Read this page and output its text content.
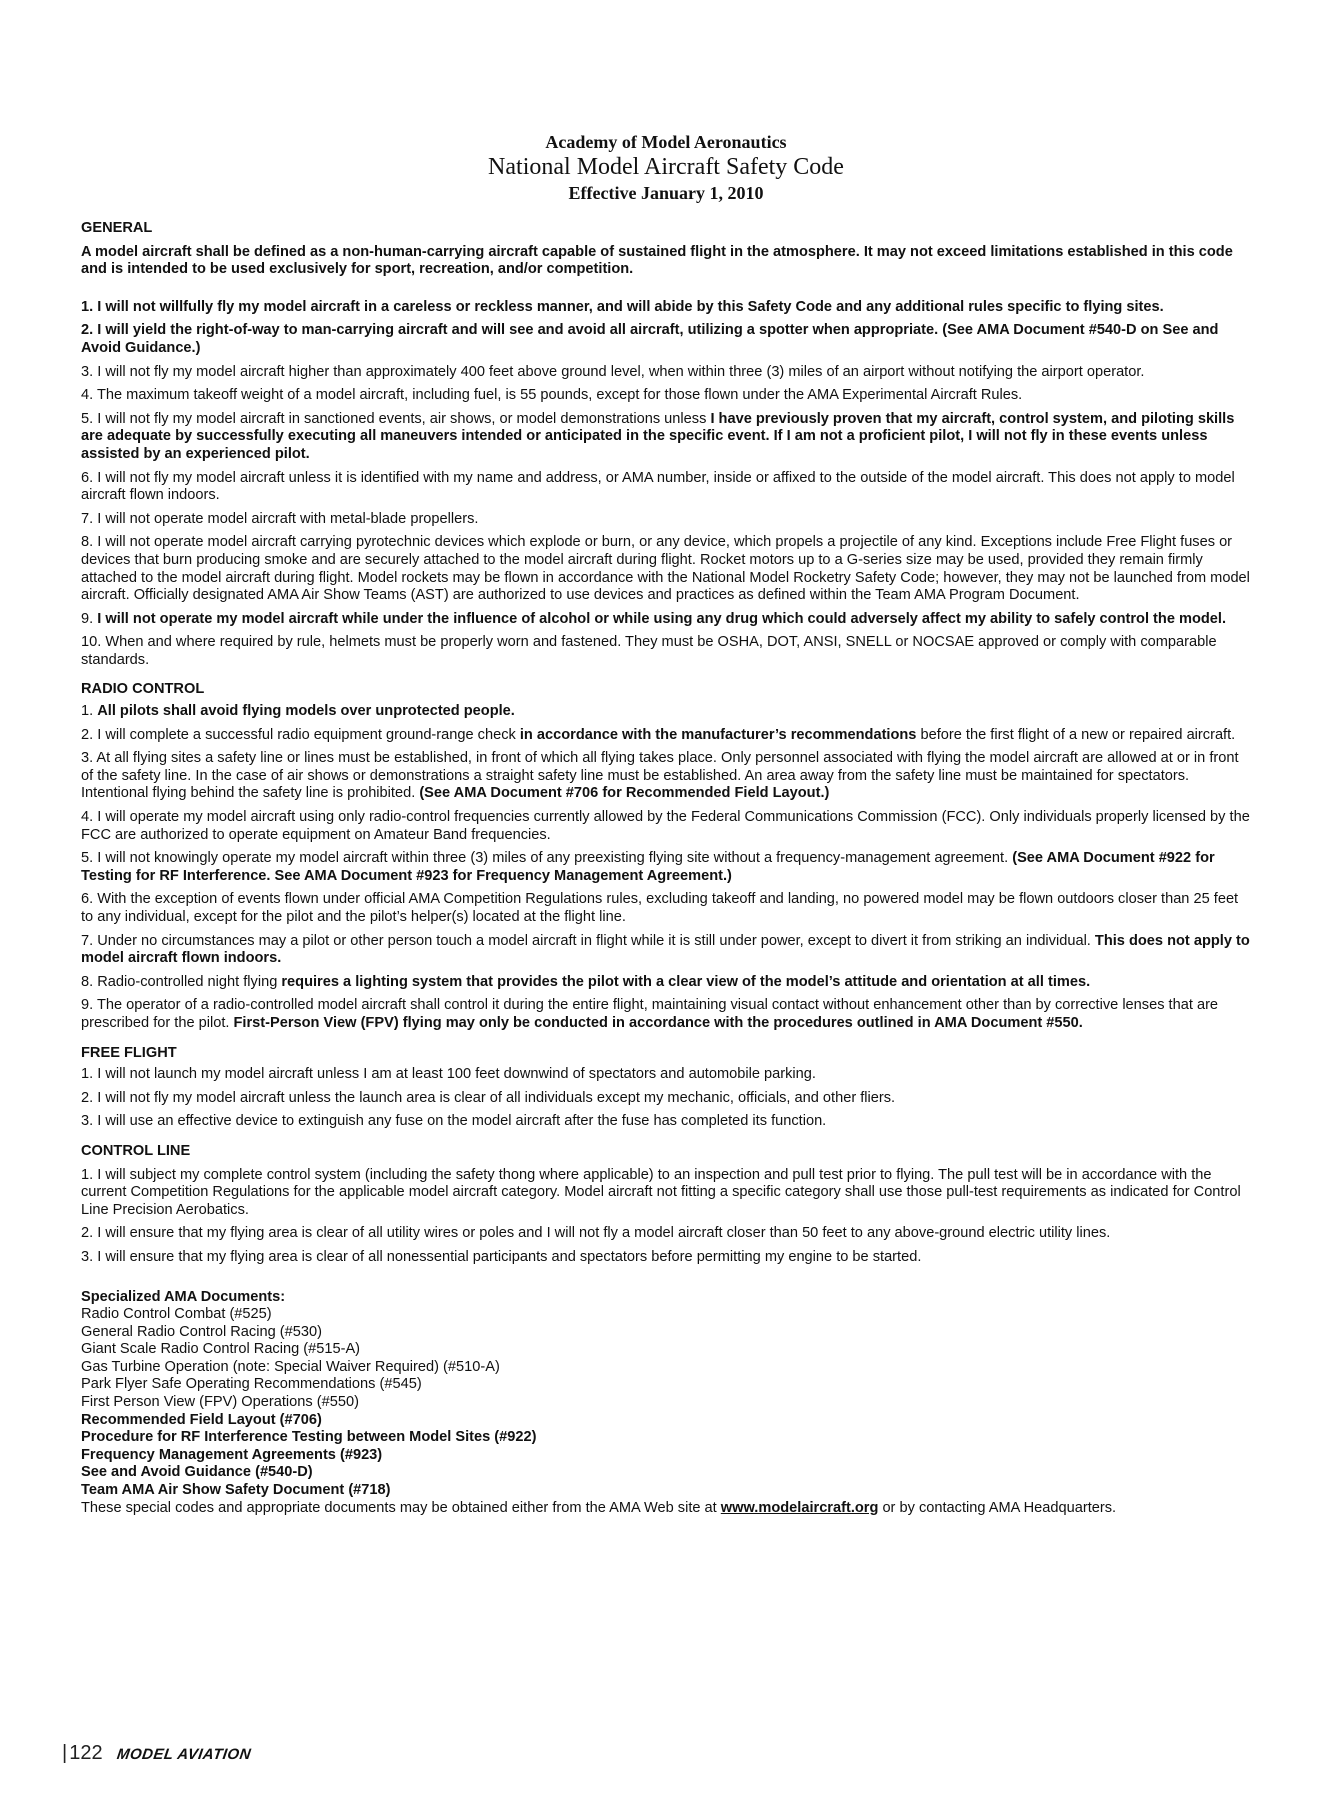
Academy of Model Aeronautics
National Model Aircraft Safety Code
Effective January 1, 2010

GENERAL

A model aircraft shall be defined as a non-human-carrying aircraft capable of sustained flight in the atmosphere. It may not exceed limitations established in this code and is intended to be used exclusively for sport, recreation, and/or competition.

1. I will not willfully fly my model aircraft in a careless or reckless manner, and will abide by this Safety Code and any additional rules specific to flying sites.

2. I will yield the right-of-way to man-carrying aircraft and will see and avoid all aircraft, utilizing a spotter when appropriate. (See AMA Document #540-D on See and Avoid Guidance.)

3. I will not fly my model aircraft higher than approximately 400 feet above ground level, when within three (3) miles of an airport without notifying the airport operator.

4. The maximum takeoff weight of a model aircraft, including fuel, is 55 pounds, except for those flown under the AMA Experimental Aircraft Rules.

5. I will not fly my model aircraft in sanctioned events, air shows, or model demonstrations unless I have previously proven that my aircraft, control system, and piloting skills are adequate by successfully executing all maneuvers intended or anticipated in the specific event. If I am not a proficient pilot, I will not fly in these events unless assisted by an experienced pilot.

6. I will not fly my model aircraft unless it is identified with my name and address, or AMA number, inside or affixed to the outside of the model aircraft. This does not apply to model aircraft flown indoors.

7. I will not operate model aircraft with metal-blade propellers.

8. I will not operate model aircraft carrying pyrotechnic devices which explode or burn, or any device, which propels a projectile of any kind. Exceptions include Free Flight fuses or devices that burn producing smoke and are securely attached to the model aircraft during flight. Rocket motors up to a G-series size may be used, provided they remain firmly attached to the model aircraft during flight. Model rockets may be flown in accordance with the National Model Rocketry Safety Code; however, they may not be launched from model aircraft. Officially designated AMA Air Show Teams (AST) are authorized to use devices and practices as defined within the Team AMA Program Document.

9. I will not operate my model aircraft while under the influence of alcohol or while using any drug which could adversely affect my ability to safely control the model.

10. When and where required by rule, helmets must be properly worn and fastened. They must be OSHA, DOT, ANSI, SNELL or NOCSAE approved or comply with comparable standards.

RADIO CONTROL

1. All pilots shall avoid flying models over unprotected people.

2. I will complete a successful radio equipment ground-range check in accordance with the manufacturer’s recommendations before the first flight of a new or repaired aircraft.

3. At all flying sites a safety line or lines must be established, in front of which all flying takes place. Only personnel associated with flying the model aircraft are allowed at or in front of the safety line. In the case of air shows or demonstrations a straight safety line must be established. An area away from the safety line must be maintained for spectators. Intentional flying behind the safety line is prohibited. (See AMA Document #706 for Recommended Field Layout.)

4. I will operate my model aircraft using only radio-control frequencies currently allowed by the Federal Communications Commission (FCC). Only individuals properly licensed by the FCC are authorized to operate equipment on Amateur Band frequencies.

5. I will not knowingly operate my model aircraft within three (3) miles of any preexisting flying site without a frequency-management agreement. (See AMA Document #922 for Testing for RF Interference. See AMA Document #923 for Frequency Management Agreement.)

6. With the exception of events flown under official AMA Competition Regulations rules, excluding takeoff and landing, no powered model may be flown outdoors closer than 25 feet to any individual, except for the pilot and the pilot’s helper(s) located at the flight line.

7. Under no circumstances may a pilot or other person touch a model aircraft in flight while it is still under power, except to divert it from striking an individual. This does not apply to model aircraft flown indoors.

8. Radio-controlled night flying requires a lighting system that provides the pilot with a clear view of the model’s attitude and orientation at all times.

9. The operator of a radio-controlled model aircraft shall control it during the entire flight, maintaining visual contact without enhancement other than by corrective lenses that are prescribed for the pilot. First-Person View (FPV) flying may only be conducted in accordance with the procedures outlined in AMA Document #550.

FREE FLIGHT

1. I will not launch my model aircraft unless I am at least 100 feet downwind of spectators and automobile parking.

2. I will not fly my model aircraft unless the launch area is clear of all individuals except my mechanic, officials, and other fliers.

3. I will use an effective device to extinguish any fuse on the model aircraft after the fuse has completed its function.

CONTROL LINE

1. I will subject my complete control system (including the safety thong where applicable) to an inspection and pull test prior to flying. The pull test will be in accordance with the current Competition Regulations for the applicable model aircraft category. Model aircraft not fitting a specific category shall use those pull-test requirements as indicated for Control Line Precision Aerobatics.

2. I will ensure that my flying area is clear of all utility wires or poles and I will not fly a model aircraft closer than 50 feet to any above-ground electric utility lines.

3. I will ensure that my flying area is clear of all nonessential participants and spectators before permitting my engine to be started.

Specialized AMA Documents:

Radio Control Combat (#525)

General Radio Control Racing (#530)

Giant Scale Radio Control Racing (#515-A)

Gas Turbine Operation (note: Special Waiver Required) (#510-A)

Park Flyer Safe Operating Recommendations (#545)

First Person View (FPV) Operations (#550)

Recommended Field Layout (#706)

Procedure for RF Interference Testing between Model Sites (#922)

Frequency Management Agreements (#923)

See and Avoid Guidance (#540-D)

Team AMA Air Show Safety Document (#718)

These special codes and appropriate documents may be obtained either from the AMA Web site at www.modelaircraft.org or by contacting AMA Headquarters.

| 122 MODEL AVIATION
